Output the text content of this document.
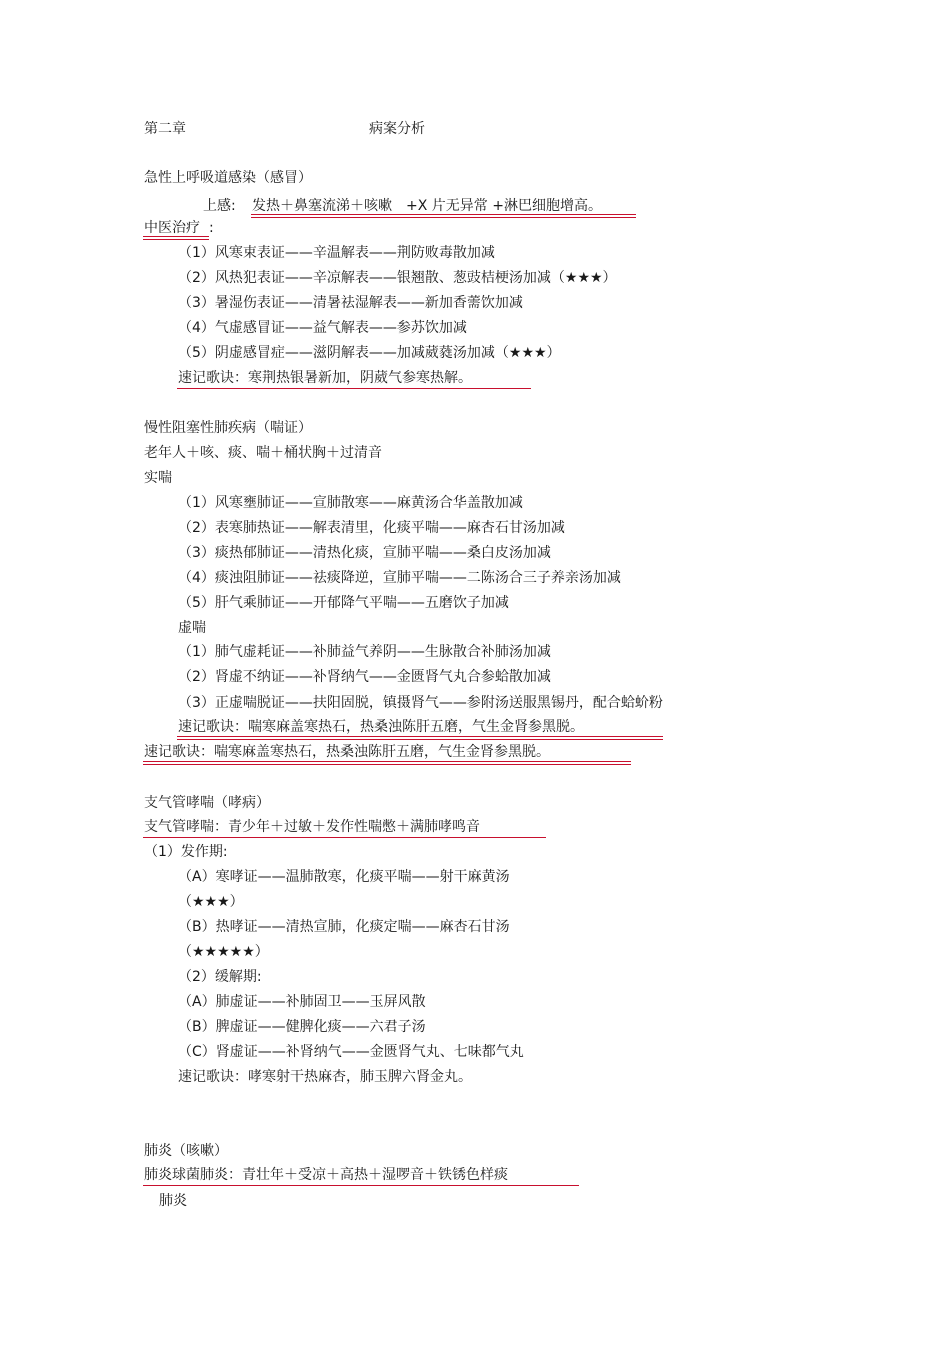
第二章	病案分析
急性上呼吸道感染（感冒）
上感: 发热＋鼻塞流涕＋咳嗽　+X 片无异常 +淋巴细胞增高。
中医治疗 :
（1）风寒束表证——辛温解表——荆防败毒散加减
（2）风热犯表证——辛凉解表——银翘散、葱豉桔梗汤加减（★★★）
（3）暑湿伤表证——清暑祛湿解表——新加香薷饮加减
（4）气虚感冒证——益气解表——参苏饮加减
（5）阴虚感冒症——滋阴解表——加减葳蕤汤加减（★★★）
速记歌诀：寒荆热银暑新加，阴葳气参寒热解。
慢性阻塞性肺疾病（喘证）
老年人＋咳、痰、喘＋桶状胸＋过清音
实喘
（1）风寒壅肺证——宣肺散寒——麻黄汤合华盖散加减
（2）表寒肺热证——解表清里，化痰平喘——麻杏石甘汤加减
（3）痰热郁肺证——清热化痰，宣肺平喘——桑白皮汤加减
（4）痰浊阻肺证——祛痰降逆，宣肺平喘——二陈汤合三子养亲汤加减
（5）肝气乘肺证——开郁降气平喘——五磨饮子加减
虚喘
（1）肺气虚耗证——补肺益气养阴——生脉散合补肺汤加减
（2）肾虚不纳证——补肾纳气——金匮肾气丸合参蛤散加减
（3）正虚喘脱证——扶阳固脱，镇摄肾气——参附汤送服黑锡丹，配合蛤蚧粉
速记歌诀：喘寒麻盖寒热石，热桑浊陈肝五磨，气生金肾参黑脱。
速记歌诀：喘寒麻盖寒热石，热桑浊陈肝五磨，气生金肾参黑脱。
支气管哮喘（哮病）
支气管哮喘：青少年＋过敏＋发作性喘憋＋满肺哮鸣音
（1）发作期:
（A）寒哮证——温肺散寒，化痰平喘——射干麻黄汤
（★★★）
（B）热哮证——清热宣肺，化痰定喘——麻杏石甘汤
（★★★★★）
（2）缓解期:
（A）肺虚证——补肺固卫——玉屏风散
（B）脾虚证——健脾化痰——六君子汤
（C）肾虚证——补肾纳气——金匮肾气丸、七味都气丸
速记歌诀：哮寒射干热麻杏，肺玉脾六肾金丸。
肺炎（咳嗽）
肺炎球菌肺炎：青壮年＋受凉＋高热＋湿啰音＋铁锈色样痰
肺炎
